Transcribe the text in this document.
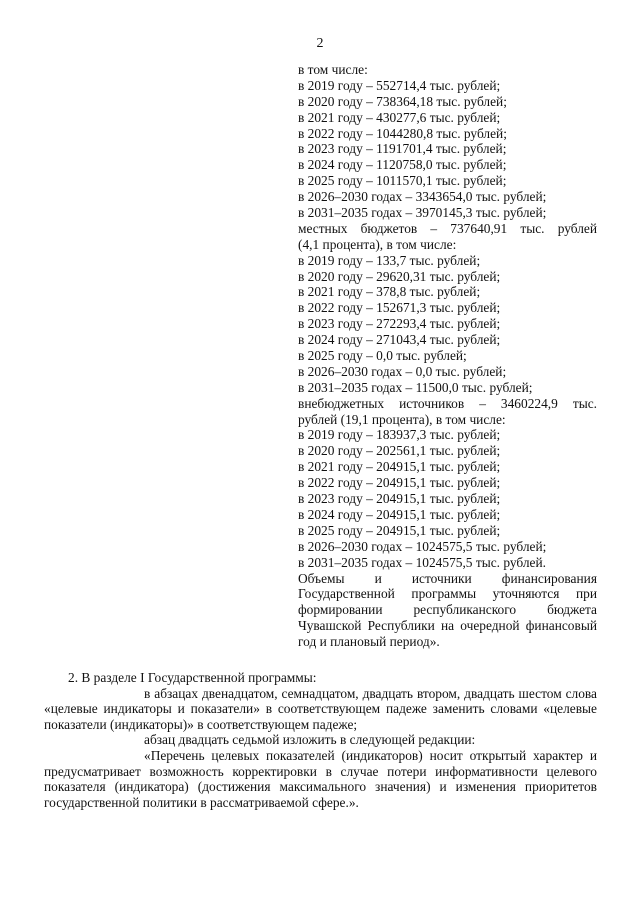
2
в том числе:
в 2019 году – 552714,4 тыс. рублей;
в 2020 году – 738364,18 тыс. рублей;
в 2021 году – 430277,6 тыс. рублей;
в 2022 году – 1044280,8 тыс. рублей;
в 2023 году – 1191701,4 тыс. рублей;
в 2024 году – 1120758,0 тыс. рублей;
в 2025 году – 1011570,1 тыс. рублей;
в 2026–2030 годах – 3343654,0 тыс. рублей;
в 2031–2035 годах – 3970145,3 тыс. рублей;
местных бюджетов – 737640,91 тыс. рублей
(4,1 процента), в том числе:
в 2019 году – 133,7 тыс. рублей;
в 2020 году – 29620,31 тыс. рублей;
в 2021 году – 378,8 тыс. рублей;
в 2022 году – 152671,3 тыс. рублей;
в 2023 году – 272293,4 тыс. рублей;
в 2024 году – 271043,4 тыс. рублей;
в 2025 году – 0,0 тыс. рублей;
в 2026–2030 годах – 0,0 тыс. рублей;
в 2031–2035 годах – 11500,0 тыс. рублей;
внебюджетных источников – 3460224,9 тыс.
рублей (19,1 процента), в том числе:
в 2019 году – 183937,3 тыс. рублей;
в 2020 году – 202561,1 тыс. рублей;
в 2021 году – 204915,1 тыс. рублей;
в 2022 году – 204915,1 тыс. рублей;
в 2023 году – 204915,1 тыс. рублей;
в 2024 году – 204915,1 тыс. рублей;
в 2025 году – 204915,1 тыс. рублей;
в 2026–2030 годах – 1024575,5 тыс. рублей;
в 2031–2035 годах – 1024575,5 тыс. рублей.
Объемы и источники финансирования Государственной программы уточняются при формировании республиканского бюджета Чувашской Республики на очередной финансовый год и плановый период».

2. В разделе I Государственной программы:

в абзацах двенадцатом, семнадцатом, двадцать втором, двадцать шестом слова «целевые индикаторы и показатели» в соответствующем падеже заменить словами «целевые показатели (индикаторы)» в соответствующем падеже;

абзац двадцать седьмой изложить в следующей редакции:

«Перечень целевых показателей (индикаторов) носит открытый характер и предусматривает возможность корректировки в случае потери информативности целевого показателя (индикатора) (достижения максимального значения) и изменения приоритетов государственной политики в рассматриваемой сфере.».
